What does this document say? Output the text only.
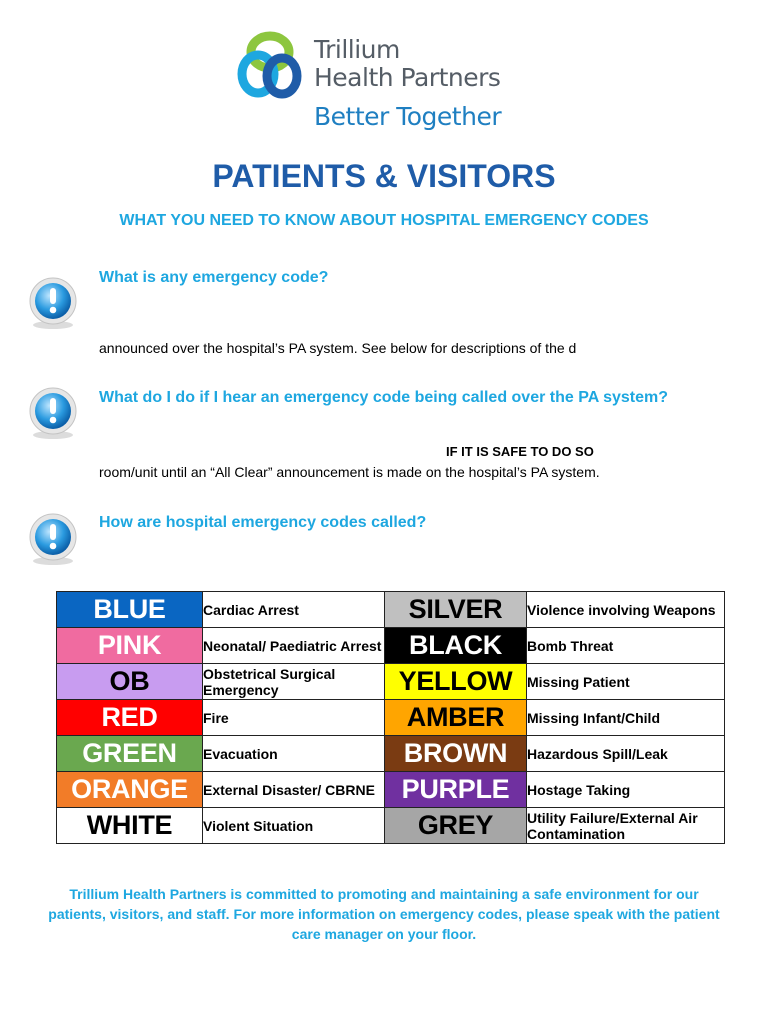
Trillium
Health Partners
Better Together
PATIENTS & VISITORS
WHAT YOU NEED TO KNOW ABOUT HOSPITAL EMERGENCY CODES

What is any emergency code?

announced over the hospital’s PA system. See below for descriptions of the d

What do I do if I hear an emergency code being called over the PA system?

IF IT IS SAFE TO DO SO
room/unit until an “All Clear” announcement is made on the hospital’s PA system.

How are hospital emergency codes called?

BLUE	Cardiac Arrest	SILVER	Violence involving Weapons
PINK	Neonatal/ Paediatric Arrest	BLACK	Bomb Threat
OB	Obstetrical Surgical Emergency	YELLOW	Missing Patient
RED	Fire	AMBER	Missing Infant/Child
GREEN	Evacuation	BROWN	Hazardous Spill/Leak
ORANGE	External Disaster/ CBRNE	PURPLE	Hostage Taking
WHITE	Violent Situation	GREY	Utility Failure/External Air Contamination

Trillium Health Partners is committed to promoting and maintaining a safe environment for our patients, visitors, and staff. For more information on emergency codes, please speak with the patient care manager on your floor.
